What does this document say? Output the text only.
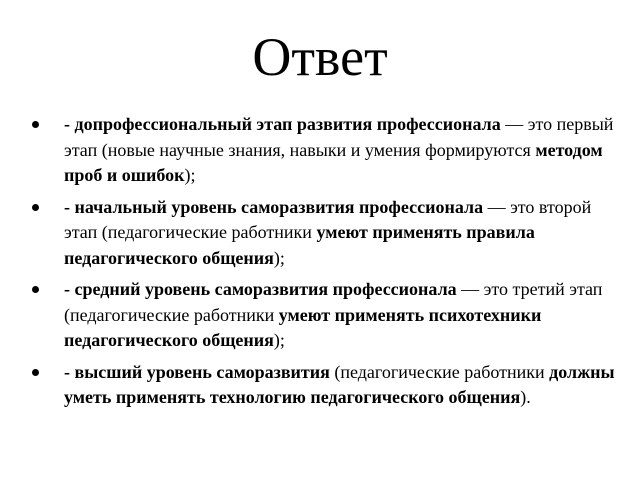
Ответ
- допрофессиональный этап развития профессионала — это первый этап (новые научные знания, навыки и умения формируются методом проб и ошибок);
- начальный уровень саморазвития профессионала — это второй этап (педагогические работники умеют применять правила педагогического общения);
- средний уровень саморазвития профессионала — это третий этап (педагогические работники умеют применять психотехники педагогического общения);
- высший уровень саморазвития (педагогические работники должны уметь применять технологию педагогического общения).
